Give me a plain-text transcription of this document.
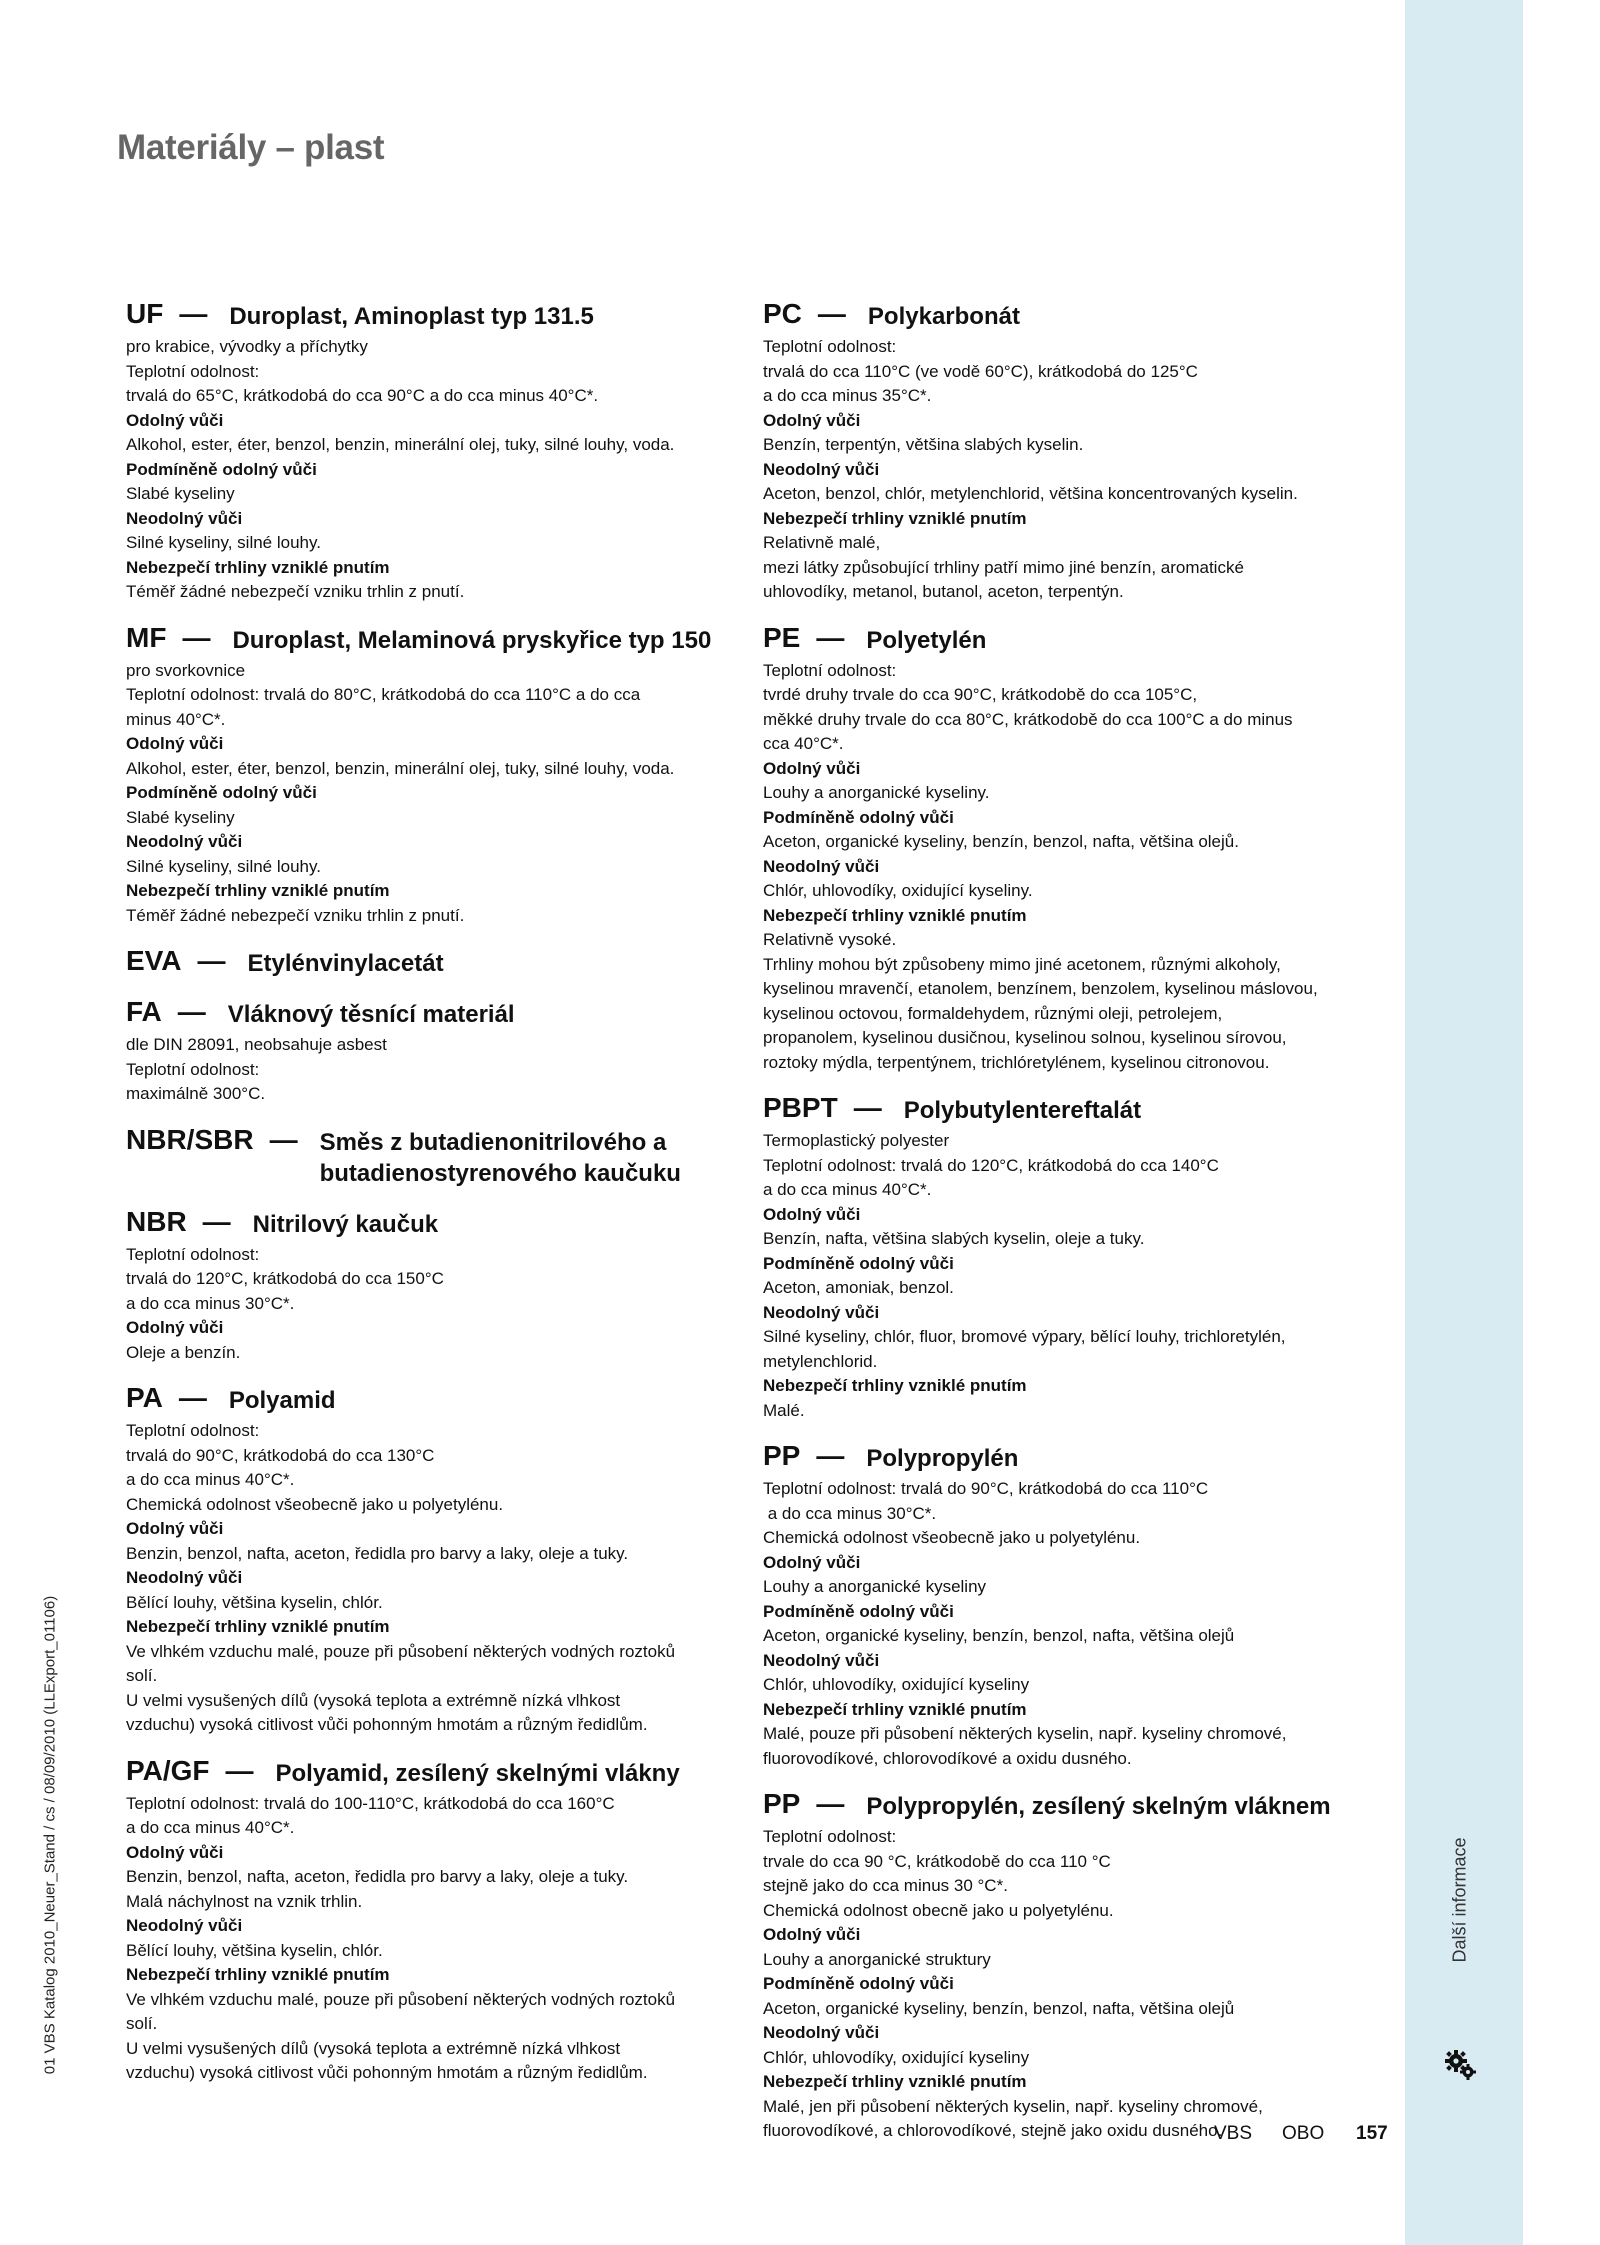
Další informace
01 VBS Katalog 2010_Neuer_Stand / cs / 08/09/2010 (LLExport_01106)
Materiály – plast
UF — Duroplast, Aminoplast typ 131.5
pro krabice, vývodky a příchytky
Teplotní odolnost:
trvalá do 65°C, krátkodobá do cca 90°C a do cca minus 40°C*.
Odolný vůči
Alkohol, ester, éter, benzol, benzin, minerální olej, tuky, silné louhy, voda.
Podmíněně odolný vůči
Slabé kyseliny
Neodolný vůči
Silné kyseliny, silné louhy.
Nebezpečí trhliny vzniklé pnutím
Téměř žádné nebezpečí vzniku trhlin z pnutí.
MF — Duroplast, Melaminová pryskyřice typ 150
pro svorkovnice
Teplotní odolnost: trvalá do 80°C, krátkodobá do cca 110°C a do cca
minus 40°C*.
Odolný vůči
Alkohol, ester, éter, benzol, benzin, minerální olej, tuky, silné louhy, voda.
Podmíněně odolný vůči
Slabé kyseliny
Neodolný vůči
Silné kyseliny, silné louhy.
Nebezpečí trhliny vzniklé pnutím
Téměř žádné nebezpečí vzniku trhlin z pnutí.
EVA — Etylénvinylacetát
FA — Vláknový těsnící materiál
dle DIN 28091, neobsahuje asbest
Teplotní odolnost:
maximálně 300°C.
NBR/SBR — Směs z butadienonitrilového a butadienostyrenového kaučuku
NBR — Nitrilový kaučuk
Teplotní odolnost:
trvalá do 120°C, krátkodobá do cca 150°C
a do cca minus 30°C*.
Odolný vůči
Oleje a benzín.
PA — Polyamid
Teplotní odolnost:
trvalá do 90°C, krátkodobá do cca 130°C
a do cca minus 40°C*.
Chemická odolnost všeobecně jako u polyetylénu.
Odolný vůči
Benzin, benzol, nafta, aceton, ředidla pro barvy a laky, oleje a tuky.
Neodolný vůči
Bělící louhy, většina kyselin, chlór.
Nebezpečí trhliny vzniklé pnutím
Ve vlhkém vzduchu malé, pouze při působení některých vodných roztoků
solí.
U velmi vysušených dílů (vysoká teplota a extrémně nízká vlhkost
vzduchu) vysoká citlivost vůči pohonným hmotám a různým ředidlům.
PA/GF — Polyamid, zesílený skelnými vlákny
Teplotní odolnost: trvalá do 100-110°C, krátkodobá do cca 160°C
a do cca minus 40°C*.
Odolný vůči
Benzin, benzol, nafta, aceton, ředidla pro barvy a laky, oleje a tuky.
Malá náchylnost na vznik trhlin.
Neodolný vůči
Bělící louhy, většina kyselin, chlór.
Nebezpečí trhliny vzniklé pnutím
Ve vlhkém vzduchu malé, pouze při působení některých vodných roztoků
solí.
U velmi vysušených dílů (vysoká teplota a extrémně nízká vlhkost
vzduchu) vysoká citlivost vůči pohonným hmotám a různým ředidlům.
PC — Polykarbonát
Teplotní odolnost:
trvalá do cca 110°C (ve vodě 60°C), krátkodobá do 125°C
a do cca minus 35°C*.
Odolný vůči
Benzín, terpentýn, většina slabých kyselin.
Neodolný vůči
Aceton, benzol, chlór, metylenchlorid, většina koncentrovaných kyselin.
Nebezpečí trhliny vzniklé pnutím
Relativně malé,
mezi látky způsobující trhliny patří mimo jiné benzín, aromatické
uhlovodíky, metanol, butanol, aceton, terpentýn.
PE — Polyetylén
Teplotní odolnost:
tvrdé druhy trvale do cca 90°C, krátkodobě do cca 105°C,
měkké druhy trvale do cca 80°C, krátkodobě do cca 100°C a do minus
cca 40°C*.
Odolný vůči
Louhy a anorganické kyseliny.
Podmíněně odolný vůči
Aceton, organické kyseliny, benzín, benzol, nafta, většina olejů.
Neodolný vůči
Chlór, uhlovodíky, oxidující kyseliny.
Nebezpečí trhliny vzniklé pnutím
Relativně vysoké.
Trhliny mohou být způsobeny mimo jiné acetonem, různými alkoholy,
kyselinou mravenčí, etanolem, benzínem, benzolem, kyselinou máslovou,
kyselinou octovou, formaldehydem, různými oleji, petrolejem,
propanolem, kyselinou dusičnou, kyselinou solnou, kyselinou sírovou,
roztoky mýdla, terpentýnem, trichlóretylénem, kyselinou citronovou.
PBPT — Polybutylentereftalát
Termoplastický polyester
Teplotní odolnost: trvalá do 120°C, krátkodobá do cca 140°C
a do cca minus 40°C*.
Odolný vůči
Benzín, nafta, většina slabých kyselin, oleje a tuky.
Podmíněně odolný vůči
Aceton, amoniak, benzol.
Neodolný vůči
Silné kyseliny, chlór, fluor, bromové výpary, bělící louhy, trichloretylén,
metylenchlorid.
Nebezpečí trhliny vzniklé pnutím
Malé.
PP — Polypropylén
Teplotní odolnost: trvalá do 90°C, krátkodobá do cca 110°C
a do cca minus 30°C*.
Chemická odolnost všeobecně jako u polyetylénu.
Odolný vůči
Louhy a anorganické kyseliny
Podmíněně odolný vůči
Aceton, organické kyseliny, benzín, benzol, nafta, většina olejů
Neodolný vůči
Chlór, uhlovodíky, oxidující kyseliny
Nebezpečí trhliny vzniklé pnutím
Malé, pouze při působení některých kyselin, např. kyseliny chromové,
fluorovodíkové, chlorovodíkové a oxidu dusného.
PP — Polypropylén, zesílený skelným vláknem
Teplotní odolnost:
trvale do cca 90 °C, krátkodobě do cca 110 °C
stejně jako do cca minus 30 °C*.
Chemická odolnost obecně jako u polyetylénu.
Odolný vůči
Louhy a anorganické struktury
Podmíněně odolný vůči
Aceton, organické kyseliny, benzín, benzol, nafta, většina olejů
Neodolný vůči
Chlór, uhlovodíky, oxidující kyseliny
Nebezpečí trhliny vzniklé pnutím
Malé, jen při působení některých kyselin, např. kyseliny chromové,
fluorovodíkové, a chlorovodíkové, stejně jako oxidu dusného.
VBS OBO 157
